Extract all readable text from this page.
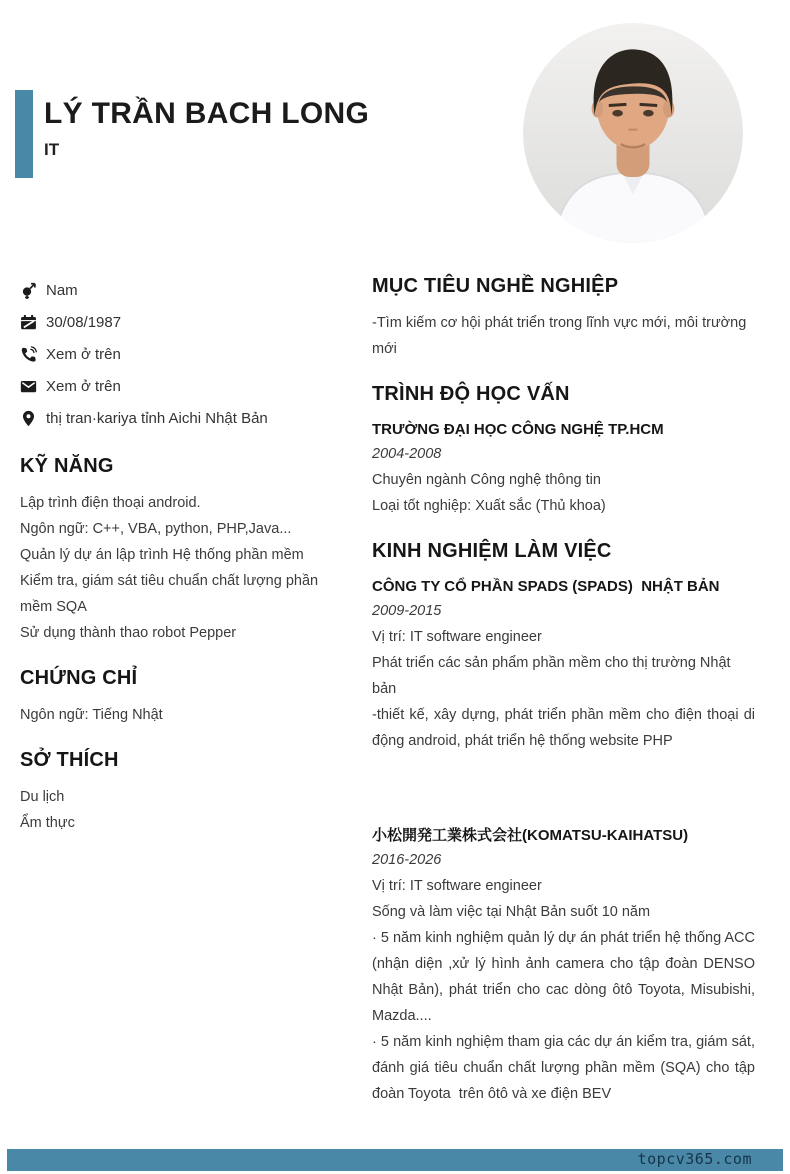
LÝ TRẦN BACH LONG
IT
Nam
30/08/1987
Xem ở trên
Xem ở trên
thị tran·kariya tỉnh Aichi Nhật Bản
KỸ NĂNG
Lập trình điện thoại android.
Ngôn ngữ: C++, VBA, python, PHP,Java...
Quản lý dự án lập trình Hệ thống phần mềm
Kiểm tra, giám sát tiêu chuẩn chất lượng phần mềm SQA
Sử dụng thành thao robot Pepper
CHỨNG CHỈ
Ngôn ngữ: Tiếng Nhật
SỞ THÍCH
Du lịch
Ẩm thực
MỤC TIÊU NGHỀ NGHIỆP
-Tìm kiếm cơ hội phát triển trong lĩnh vực mới, môi trường mới
TRÌNH ĐỘ HỌC VẤN
TRƯỜNG ĐẠI HỌC CÔNG NGHỆ TP.HCM
2004-2008
Chuyên ngành Công nghệ thông tin
Loại tốt nghiệp: Xuất sắc (Thủ khoa)
KINH NGHIỆM LÀM VIỆC
CÔNG TY CỔ PHẦN SPADS (SPADS)  NHẬT BẢN
2009-2015
Vị trí: IT software engineer
Phát triển các sản phẩm phần mềm cho thị trường Nhật bản
-thiết kế, xây dựng, phát triển phần mềm cho điện thoại di động android, phát triển hệ thống website PHP
小松開発工業株式会社(KOMATSU-KAIHATSU)
2016-2026
Vị trí: IT software engineer
Sống và làm việc tại Nhật Bản suốt 10 năm
· 5 năm kinh nghiệm quản lý dự án phát triển hệ thống ACC (nhận diện ,xử lý hình ảnh camera cho tập đoàn DENSO Nhật Bản), phát triển cho cac dòng ôtô Toyota, Misubishi, Mazda....
· 5 năm kinh nghiệm tham gia các dự án kiểm tra, giám sát, đánh giá tiêu chuẩn chất lượng phần mềm (SQA) cho tập đoàn Toyota  trên ôtô và xe điện BEV
topcv365.com
